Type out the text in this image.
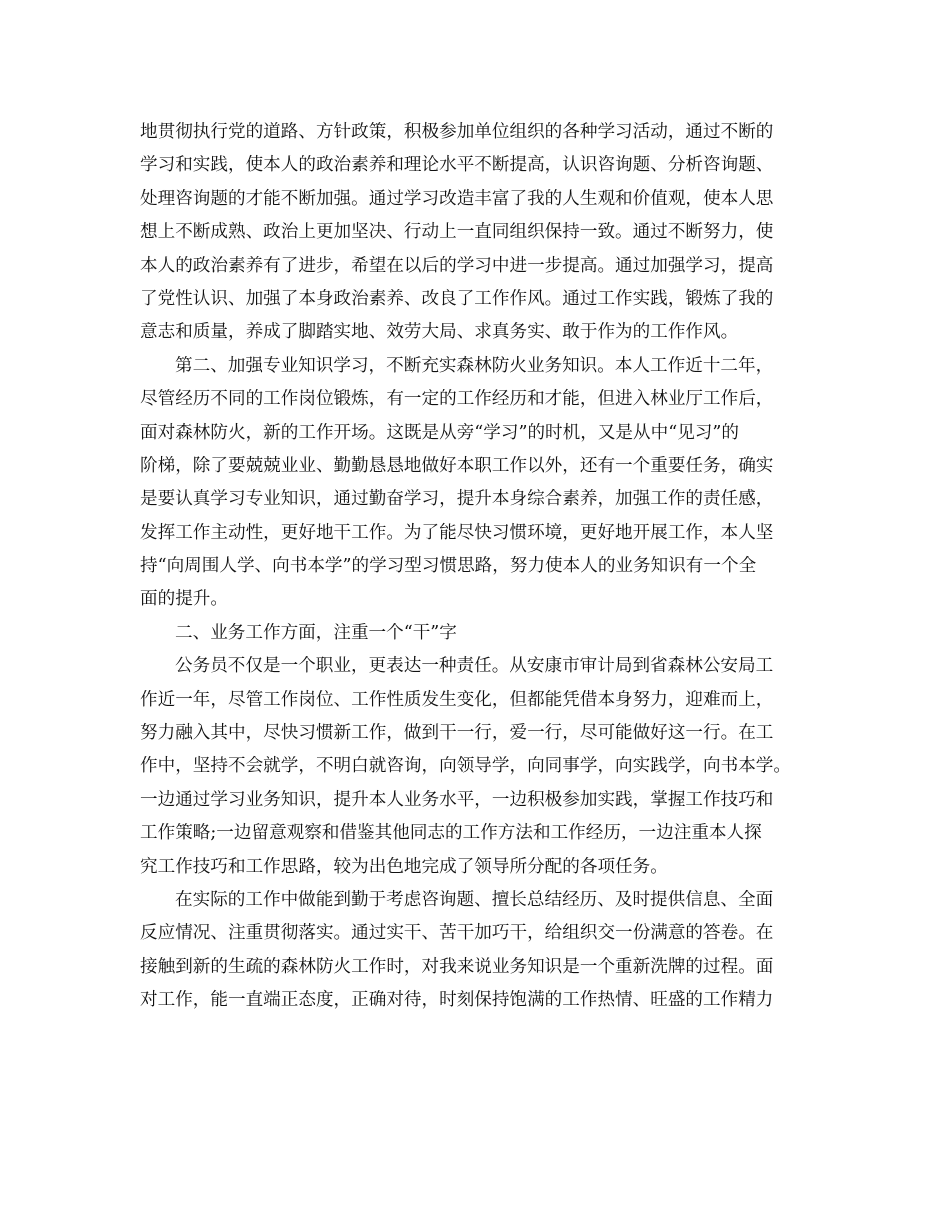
地贯彻执行党的道路、方针政策，积极参加单位组织的各种学习活动，通过不断的
学习和实践，使本人的政治素养和理论水平不断提高，认识咨询题、分析咨询题、
处理咨询题的才能不断加强。通过学习改造丰富了我的人生观和价值观，使本人思
想上不断成熟、政治上更加坚决、行动上一直同组织保持一致。通过不断努力，使
本人的政治素养有了进步，希望在以后的学习中进一步提高。通过加强学习，提高
了党性认识、加强了本身政治素养、改良了工作作风。通过工作实践，锻炼了我的
意志和质量，养成了脚踏实地、效劳大局、求真务实、敢于作为的工作作风。
第二、加强专业知识学习，不断充实森林防火业务知识。本人工作近十二年，
尽管经历不同的工作岗位锻炼，有一定的工作经历和才能，但进入林业厅工作后，
面对森林防火，新的工作开场。这既是从旁“学习”的时机，又是从中“见习”的
阶梯，除了要兢兢业业、勤勤恳恳地做好本职工作以外，还有一个重要任务，确实
是要认真学习专业知识，通过勤奋学习，提升本身综合素养，加强工作的责任感，
发挥工作主动性，更好地干工作。为了能尽快习惯环境，更好地开展工作，本人坚
持“向周围人学、向书本学”的学习型习惯思路，努力使本人的业务知识有一个全
面的提升。
二、业务工作方面，注重一个“干”字
公务员不仅是一个职业，更表达一种责任。从安康市审计局到省森林公安局工
作近一年，尽管工作岗位、工作性质发生变化，但都能凭借本身努力，迎难而上，
努力融入其中，尽快习惯新工作，做到干一行，爱一行，尽可能做好这一行。在工
作中，坚持不会就学，不明白就咨询，向领导学，向同事学，向实践学，向书本学。
一边通过学习业务知识，提升本人业务水平，一边积极参加实践，掌握工作技巧和
工作策略;一边留意观察和借鉴其他同志的工作方法和工作经历，一边注重本人探
究工作技巧和工作思路，较为出色地完成了领导所分配的各项任务。
在实际的工作中做能到勤于考虑咨询题、擅长总结经历、及时提供信息、全面
反应情况、注重贯彻落实。通过实干、苦干加巧干，给组织交一份满意的答卷。在
接触到新的生疏的森林防火工作时，对我来说业务知识是一个重新洗牌的过程。面
对工作，能一直端正态度，正确对待，时刻保持饱满的工作热情、旺盛的工作精力
